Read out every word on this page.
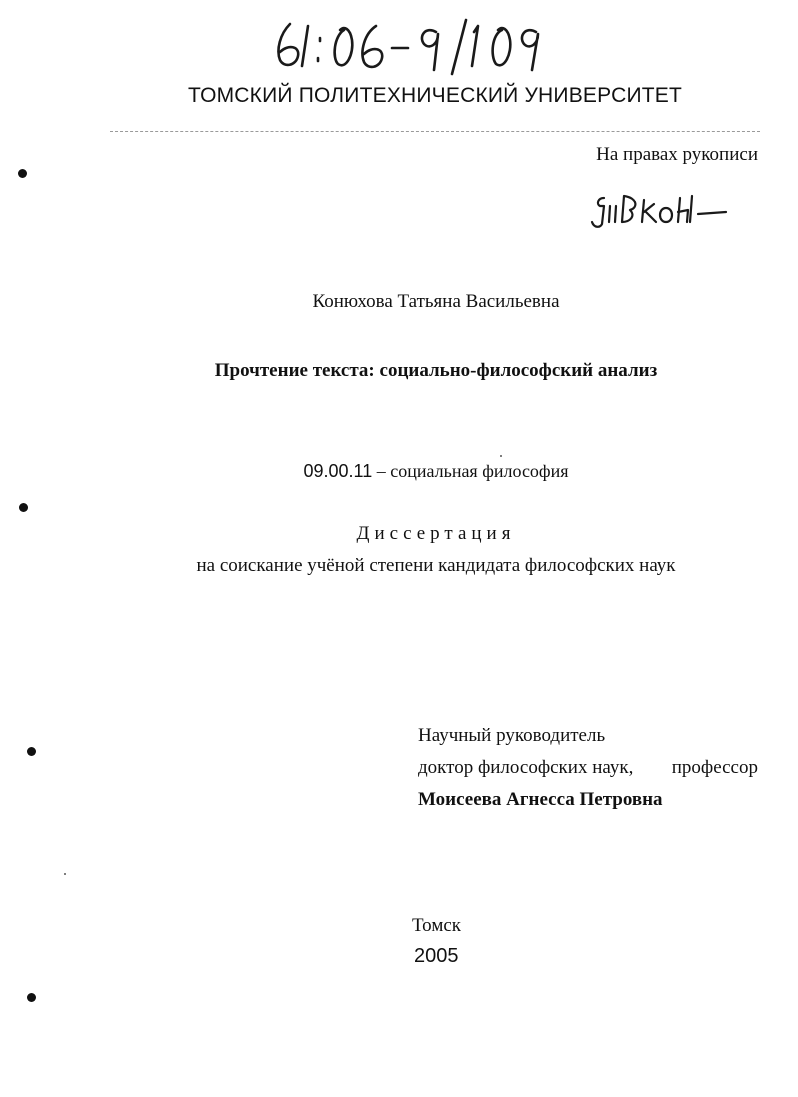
ТОМСКИЙ ПОЛИТЕХНИЧЕСКИЙ УНИВЕРСИТЕТ
На правах рукописи
Конюхова Татьяна Васильевна
Прочтение текста: социально-философский анализ
09.00.11 – социальная философия
Диссертация
на соискание учёной степени кандидата философских наук
Научный руководитель
доктор философских наук, профессор
Моисеева Агнесса Петровна
Томск
2005
